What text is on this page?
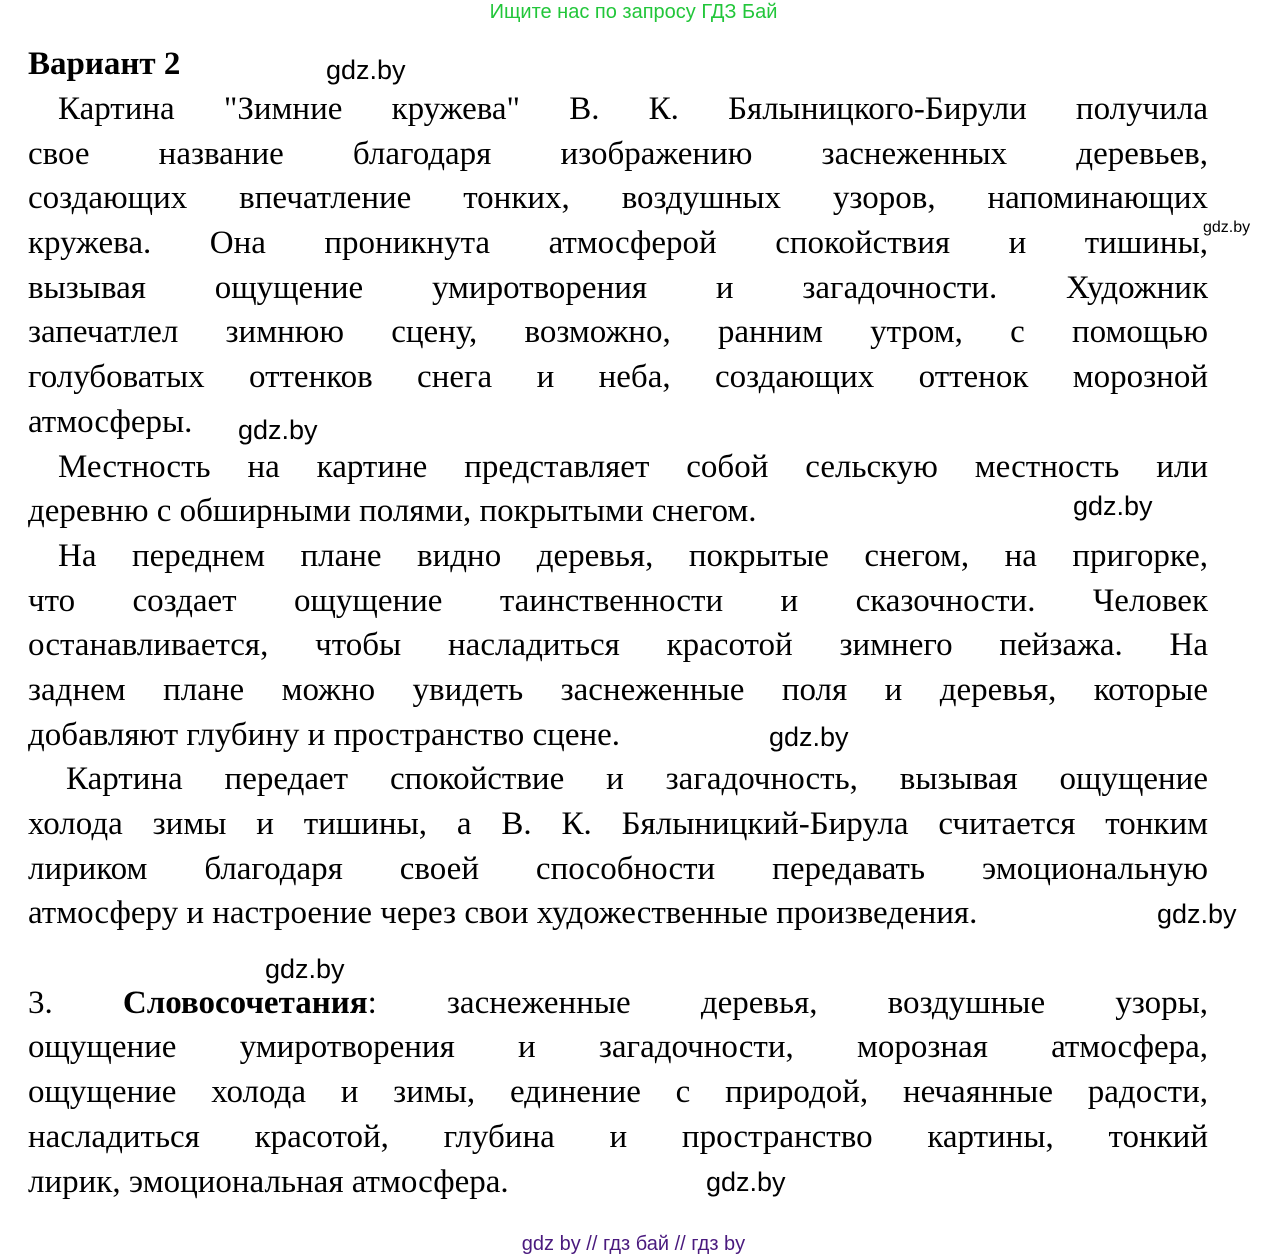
Ищите нас по запросу ГДЗ Бай
Вариант 2
Картина "Зимние кружева" В. К. Бялыницкого-Бирули получила
свое название благодаря изображению заснеженных деревьев,
создающих впечатление тонких, воздушных узоров, напоминающих
кружева. Она проникнута атмосферой спокойствия и тишины,
вызывая ощущение умиротворения и загадочности. Художник
запечатлел зимнюю сцену, возможно, ранним утром, с помощью
голубоватых оттенков снега и неба, создающих оттенок морозной
атмосферы.
Местность на картине представляет собой сельскую местность или
деревню с обширными полями, покрытыми снегом.
На переднем плане видно деревья, покрытые снегом, на пригорке,
что создает ощущение таинственности и сказочности. Человек
останавливается, чтобы насладиться красотой зимнего пейзажа. На
заднем плане можно увидеть заснеженные поля и деревья, которые
добавляют глубину и пространство сцене.
Картина передает спокойствие и загадочность, вызывая ощущение
холода зимы и тишины, а В. К. Бялыницкий-Бирула считается тонким
лириком благодаря своей способности передавать эмоциональную
атмосферу и настроение через свои художественные произведения.
3. Словосочетания: заснеженные деревья, воздушные узоры,
ощущение умиротворения и загадочности, морозная атмосфера,
ощущение холода и зимы, единение с природой, нечаянные радости,
насладиться красотой, глубина и пространство картины, тонкий
лирик, эмоциональная атмосфера.
gdz.by
gdz.by
gdz.by
gdz.by
gdz.by
gdz.by
gdz.by
gdz.by
gdz by // гдз бай // гдз by
